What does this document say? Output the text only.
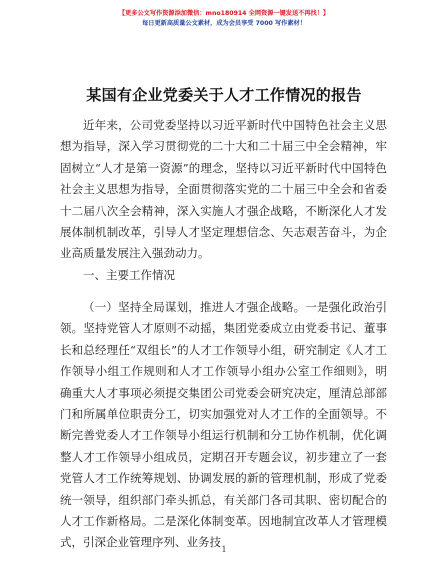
【更多公文写作资源添加微信：mno180914 全网资源一键发送不再找！】
每日更新高质量公文素材，成为会员享受 7000 写作素材！
某国有企业党委关于人才工作情况的报告
近年来，公司党委坚持以习近平新时代中国特色社会主义思想为指导，深入学习贯彻党的二十大和二十届三中全会精神，牢固树立“人才是第一资源”的理念，坚持以习近平新时代中国特色社会主义思想为指导，全面贯彻落实党的二十届三中全会和省委十二届八次全会精神，深入实施人才强企战略，不断深化人才发展体制机制改革，引导人才坚定理想信念、矢志艰苦奋斗，为企业高质量发展注入强劲动力。
一、主要工作情况
（一）坚持全局谋划，推进人才强企战略。一是强化政治引领。坚持党管人才原则不动摇，集团党委成立由党委书记、董事长和总经理任“双组长”的人才工作领导小组，研究制定《人才工作领导小组工作规则和人才工作领导小组办公室工作细则》，明确重大人才事项必须提交集团公司党委会研究决定，厘清总部部门和所属单位职责分工，切实加强党对人才工作的全面领导。不断完善党委人才工作领导小组运行机制和分工协作机制，优化调整人才工作领导小组成员，定期召开专题会议，初步建立了一套党管人才工作统筹规划、协调发展的新的管理机制，形成了党委统一领导，组织部门牵头抓总，有关部门各司其职、密切配合的人才工作新格局。二是深化体制变革。因地制宜改革人才管理模式，引深企业管理序列、业务技
1
